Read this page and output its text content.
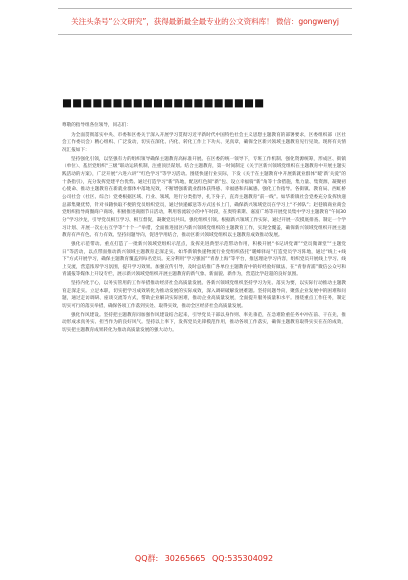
关注头条号“公文研究”，获得最新最全最专业的公文资料库！ 微信：gongwenyj
■■■■■■■■■■■■■■■■■■■■

尊敬的指导组各位领导，同志们：

为全面贯彻落实中央、市委和区委关于深入开展学习贯彻习近平新时代中国特色社会主义思想主题教育的部署要求，区委组织部（区社会工作委员会）精心组织、广泛发动，切实在深化、内化、转化工作上下功夫、见真章，确保全区新兴领域主题教育见行见效。现将有关情况汇报如下：

坚持强化引领，以坚强有力的组织领导确保主题教育高标准开展。在区委的统一领导下，专班工作机制、强化资源统筹，形成区、街镇（单位）、基层党组织“三级”联动运转机制，注重顶层谋划。结合主题教育，第一时间制定《关于区新兴领域党组织在主题教育中开展主题实践活动的方案》，广泛开展“六进六讲”“红色学习”等学习活动。围绕快递行业实际，下发《关于在主题教育中开展新就业群体“暖‘新’关爱”的十条指引》，充分发挥党建平台优势。通过打造学习“新”阵地，配送红色阅“新”包、设立幸福骑“新”角等十余措施，集力量、集资源，凝聚初心使命、推动主题教育在新就业群体中落地见效，不断增强新就业群体获得感、幸福感和归属感。强化工作指导。各街镇、教育局、西虹桥公司社会（社区、综合）党委根据区域、行业、领域，进行分类指导，扎下身子，直奔主题教育“前一线”。如华新镇社会党委充分发挥快递总部集聚优势，针对书籍快取不便的党员组织党员，通过快递邮送等方式送书上门，确保新兴领域党员在学习上“不掉队”；赵巷镇商业商会党组织指导商圈商户商场，积极推进商圈节日活动，利用客流较小的中午时段，在奥特莱斯、嘉富广场等开展党员集中学习主题教育“午间30分”学习沙龙，引导党员相互学习、相互督促，凝聚党员共识。强化组织引领。根据新兴领域工作实际，通过开展一次摸底排查、制定一个学习计划、开展一次左右互学等“十个一”举措，全面推进园区内新兴领域党组织的主题教育工作，实现全覆盖，确保新兴领域党组织开展主题教育有声有色、有力有效。坚持问题导向，促进学用结合，推动区新兴领域党组织以主题教育成效推动发展。

强化示范带动。重点打造了一批新兴领域党组织示范点，发挥先进典型示范带动作用，积极开展“书记讲党课”“党员微课堂”“主题党日”等活动，以点带面推动新兴领域主题教育走深走实。如华新镇快递物流行业党组织依托“暖蜂驿站”打造党员学习阵地，通过“线上+线下”方式开展学习，确保主题教育覆盖到每名党员。充分利用“学习强国”“青春上海”等平台，推送理论学习内容，组织党员开展线上学习、线上交流，营造浓厚学习氛围，提升学习效果。加强宣传引导，及时总结推广各单位主题教育中的好经验好做法，在“青春青浦”微信公众号和青浦报等媒体上开设专栏，展示新兴领域党组织开展主题教育的新气象、新面貌、新作为，营造比学赶超的良好氛围。

坚持内化于心，以务实管用的工作举措推动经济社会高质量发展。各新兴领域党组织坚持学习为先、落实为要，以实际行动推动主题教育走深走实。立足本职，切实把学习成效转化为推动发展的实际成效，深入调研破解发展难题。坚持问题导向，聚焦企业发展中的困难和问题，通过走访调研、座谈交流等方式，帮助企业解决实际困难，推动企业高质量发展，全面提升服务质量和水平。围绕重点工作任务，制定切实可行的落实举措，确保各项工作落到实处、取得实效，推动全区经济社会高质量发展。

强化作风建设。坚持把主题教育同加强作风建设结合起来，引导党员干部以身作则、率先垂范，在急难险重任务中冲在前、干在先，推动形成求真务实、担当作为的良好风气。坚持以上率下，发挥党员先锋模范作用，推动各项工作落实，确保主题教育取得实实在在的成效，切实把主题教育成果转化为推动高质量发展的强大动力。

QQ群: 30265665 QQ:535304092
